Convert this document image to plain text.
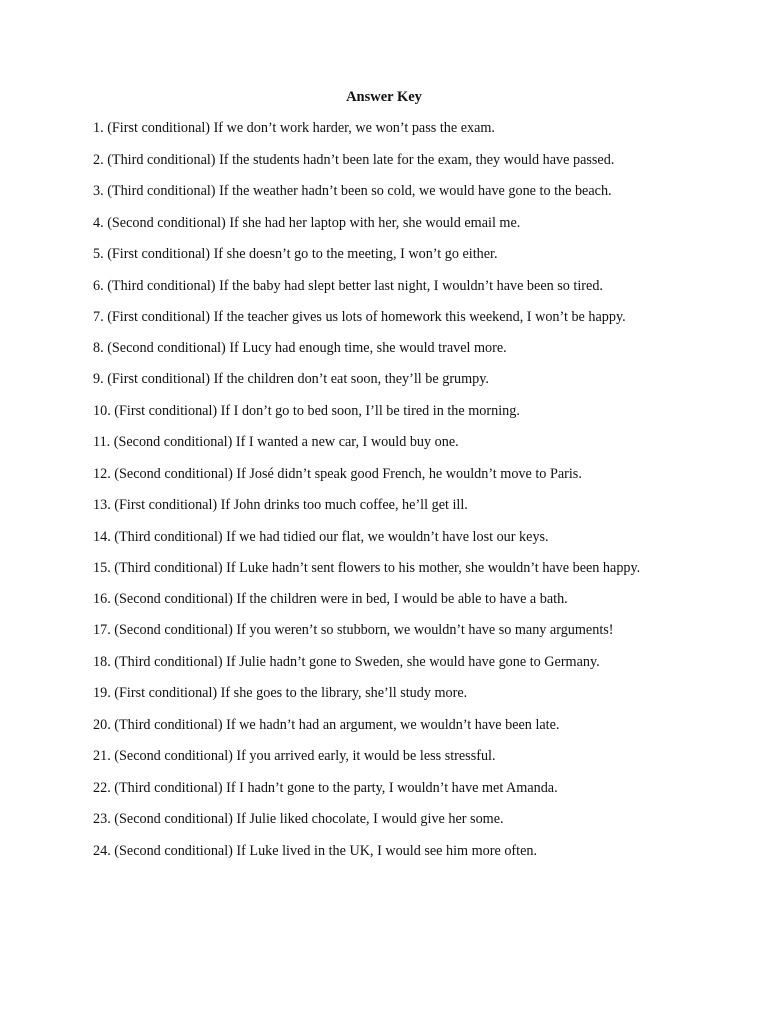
Answer Key
1. (First conditional) If we don’t work harder, we won’t pass the exam.
2. (Third conditional) If the students hadn’t been late for the exam, they would have passed.
3. (Third conditional) If the weather hadn’t been so cold, we would have gone to the beach.
4. (Second conditional) If she had her laptop with her, she would email me.
5. (First conditional) If she doesn’t go to the meeting, I won’t go either.
6. (Third conditional) If the baby had slept better last night, I wouldn’t have been so tired.
7. (First conditional) If the teacher gives us lots of homework this weekend, I won’t be happy.
8. (Second conditional) If Lucy had enough time, she would travel more.
9. (First conditional) If the children don’t eat soon, they’ll be grumpy.
10. (First conditional) If I don’t go to bed soon, I’ll be tired in the morning.
11. (Second conditional) If I wanted a new car, I would buy one.
12. (Second conditional) If José didn’t speak good French, he wouldn’t move to Paris.
13. (First conditional) If John drinks too much coffee, he’ll get ill.
14. (Third conditional) If we had tidied our flat, we wouldn’t have lost our keys.
15. (Third conditional) If Luke hadn’t sent flowers to his mother, she wouldn’t have been happy.
16. (Second conditional) If the children were in bed, I would be able to have a bath.
17. (Second conditional) If you weren’t so stubborn, we wouldn’t have so many arguments!
18. (Third conditional) If Julie hadn’t gone to Sweden, she would have gone to Germany.
19. (First conditional) If she goes to the library, she’ll study more.
20. (Third conditional) If we hadn’t had an argument, we wouldn’t have been late.
21. (Second conditional) If you arrived early, it would be less stressful.
22. (Third conditional) If I hadn’t gone to the party, I wouldn’t have met Amanda.
23. (Second conditional) If Julie liked chocolate, I would give her some.
24. (Second conditional) If Luke lived in the UK, I would see him more often.
